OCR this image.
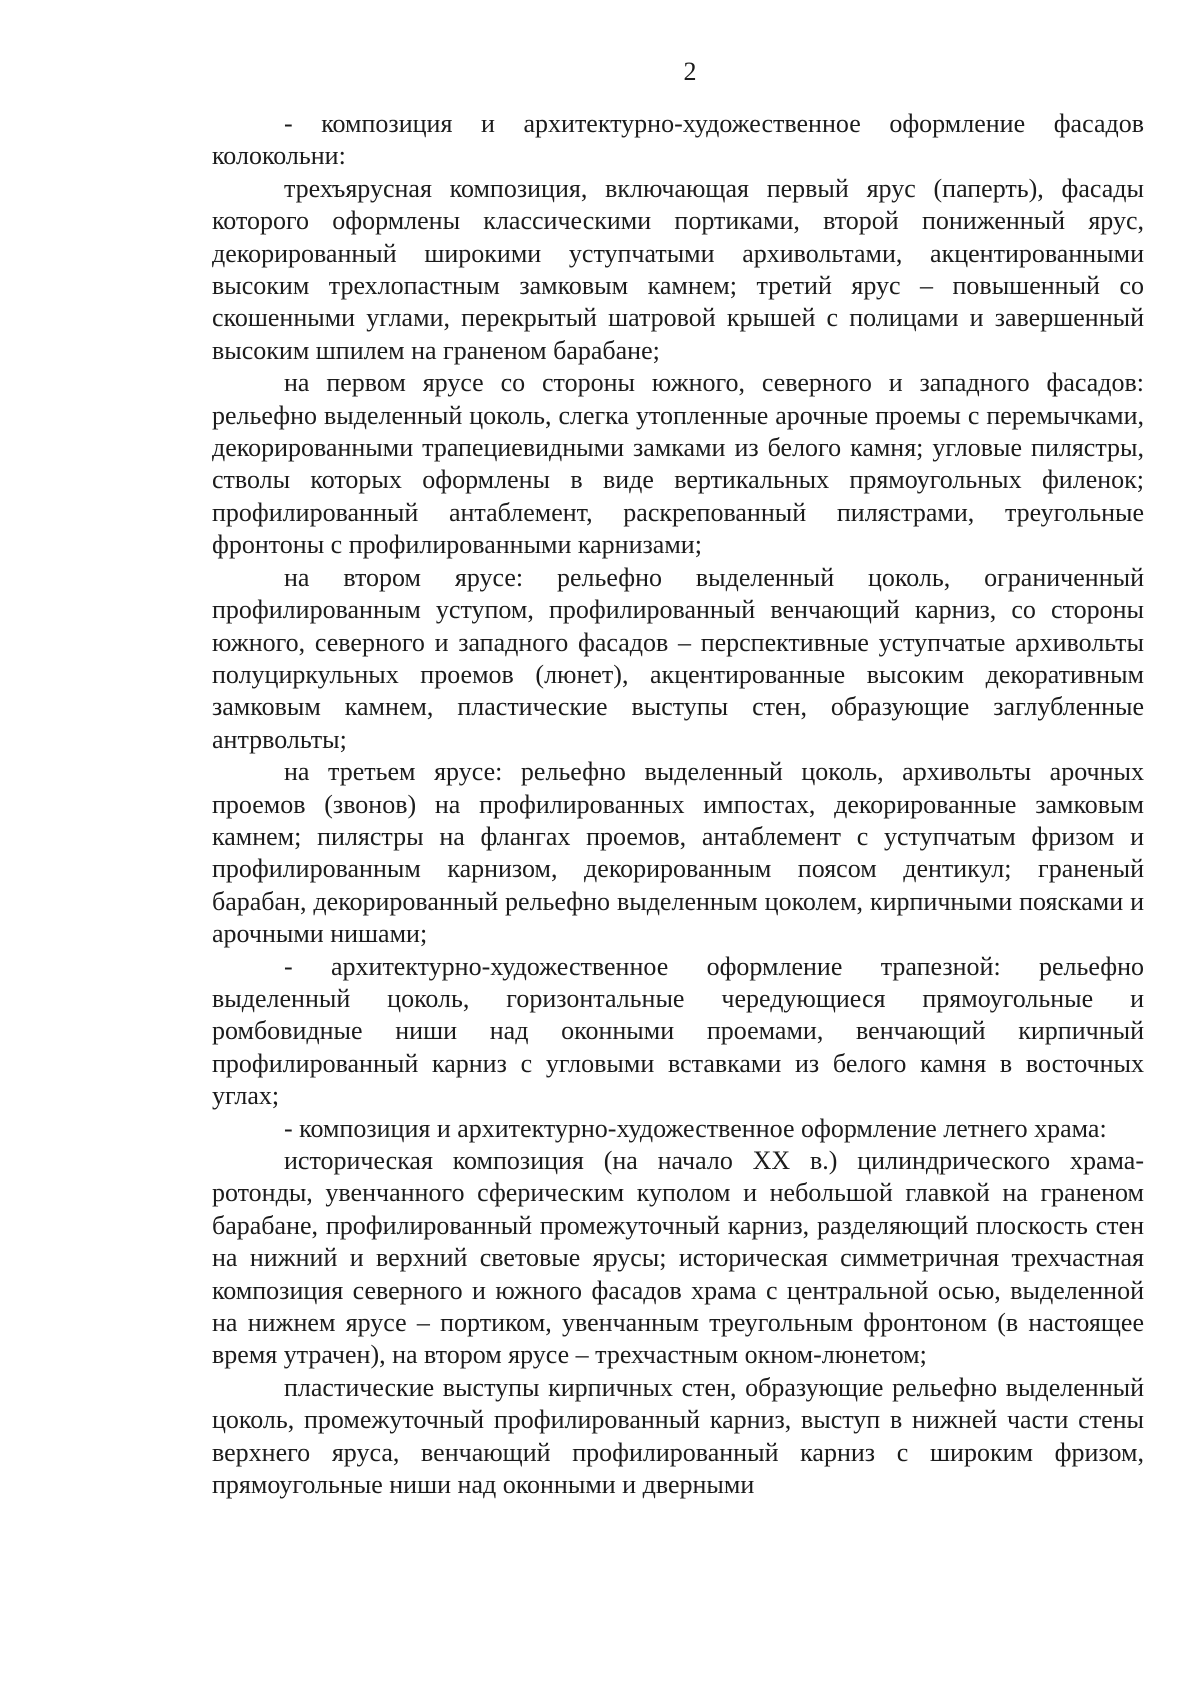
2

- композиция и архитектурно-художественное оформление фасадов колокольни:

трехъярусная композиция, включающая первый ярус (паперть), фасады которого оформлены классическими портиками, второй пониженный ярус, декорированный широкими уступчатыми архивольтами, акцентированными высоким трехлопастным замковым камнем; третий ярус – повышенный со скошенными углами, перекрытый шатровой крышей с полицами и завершенный высоким шпилем на граненом барабане;

на первом ярусе со стороны южного, северного и западного фасадов: рельефно выделенный цоколь, слегка утопленные арочные проемы с перемычками, декорированными трапециевидными замками из белого камня; угловые пилястры, стволы которых оформлены в виде вертикальных прямоугольных филенок; профилированный антаблемент, раскрепованный пилястрами, треугольные фронтоны с профилированными карнизами;

на втором ярусе: рельефно выделенный цоколь, ограниченный профилированным уступом, профилированный венчающий карниз, со стороны южного, северного и западного фасадов – перспективные уступчатые архивольты полуциркульных проемов (люнет), акцентированные высоким декоративным замковым камнем, пластические выступы стен, образующие заглубленные антрвольты;

на третьем ярусе: рельефно выделенный цоколь, архивольты арочных проемов (звонов) на профилированных импостах, декорированные замковым камнем; пилястры на флангах проемов, антаблемент с уступчатым фризом и профилированным карнизом, декорированным поясом дентикул; граненый барабан, декорированный рельефно выделенным цоколем, кирпичными поясками и арочными нишами;

- архитектурно-художественное оформление трапезной: рельефно выделенный цоколь, горизонтальные чередующиеся прямоугольные и ромбовидные ниши над оконными проемами, венчающий кирпичный профилированный карниз с угловыми вставками из белого камня в восточных углах;

- композиция и архитектурно-художественное оформление летнего храма:

историческая композиция (на начало XX в.) цилиндрического храма-ротонды, увенчанного сферическим куполом и небольшой главкой на граненом барабане, профилированный промежуточный карниз, разделяющий плоскость стен на нижний и верхний световые ярусы; историческая симметричная трехчастная композиция северного и южного фасадов храма с центральной осью, выделенной на нижнем ярусе – портиком, увенчанным треугольным фронтоном (в настоящее время утрачен), на втором ярусе – трехчастным окном-люнетом;

пластические выступы кирпичных стен, образующие рельефно выделенный цоколь, промежуточный профилированный карниз, выступ в нижней части стены верхнего яруса, венчающий профилированный карниз с широким фризом, прямоугольные ниши над оконными и дверными
